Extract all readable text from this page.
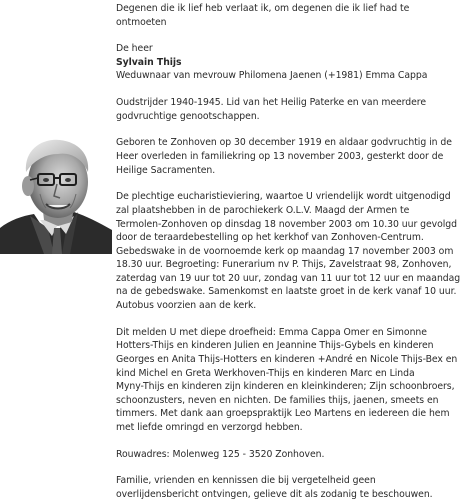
Degenen die ik lief heb verlaat ik, om degenen die ik lief had te
ontmoeten
De heer
Sylvain Thijs
Weduwnaar van mevrouw Philomena Jaenen (+1981) Emma Cappa
Oudstrijder 1940-1945. Lid van het Heilig Paterke en van meerdere
godvruchtige genootschappen.
Geboren te Zonhoven op 30 december 1919 en aldaar godvruchtig in de
Heer overleden in familiekring op 13 november 2003, gesterkt door de
Heilige Sacramenten.
De plechtige eucharistieviering, waartoe U vriendelijk wordt uitgenodigd
zal plaatshebben in de parochiekerk O.L.V. Maagd der Armen te
Termolen-Zonhoven op dinsdag 18 november 2003 om 10.30 uur gevolgd
door de teraardebestelling op het kerkhof van Zonhoven-Centrum.
Gebedswake in de voornoemde kerk op maandag 17 november 2003 om
18.30 uur. Begroeting: Funerarium nv P. Thijs, Zavelstraat 98, Zonhoven,
zaterdag van 19 uur tot 20 uur, zondag van 11 uur tot 12 uur en maandag
na de gebedswake. Samenkomst en laatste groet in de kerk vanaf 10 uur.
Autobus voorzien aan de kerk.
Dit melden U met diepe droefheid: Emma Cappa Omer en Simonne
Hotters-Thijs en kinderen Julien en Jeannine Thijs-Gybels en kinderen
Georges en Anita Thijs-Hotters en kinderen +André en Nicole Thijs-Bex en
kind Michel en Greta Werkhoven-Thijs en kinderen Marc en Linda
Myny-Thijs en kinderen zijn kinderen en kleinkinderen; Zijn schoonbroers,
schoonzusters, neven en nichten. De families thijs, jaenen, smeets en
timmers. Met dank aan groepspraktijk Leo Martens en iedereen die hem
met liefde omringd en verzorgd hebben.
Rouwadres: Molenweg 125 - 3520 Zonhoven.
Familie, vrienden en kennissen die bij vergetelheid geen
overlijdensbericht ontvingen, gelieve dit als zodanig te beschouwen.
